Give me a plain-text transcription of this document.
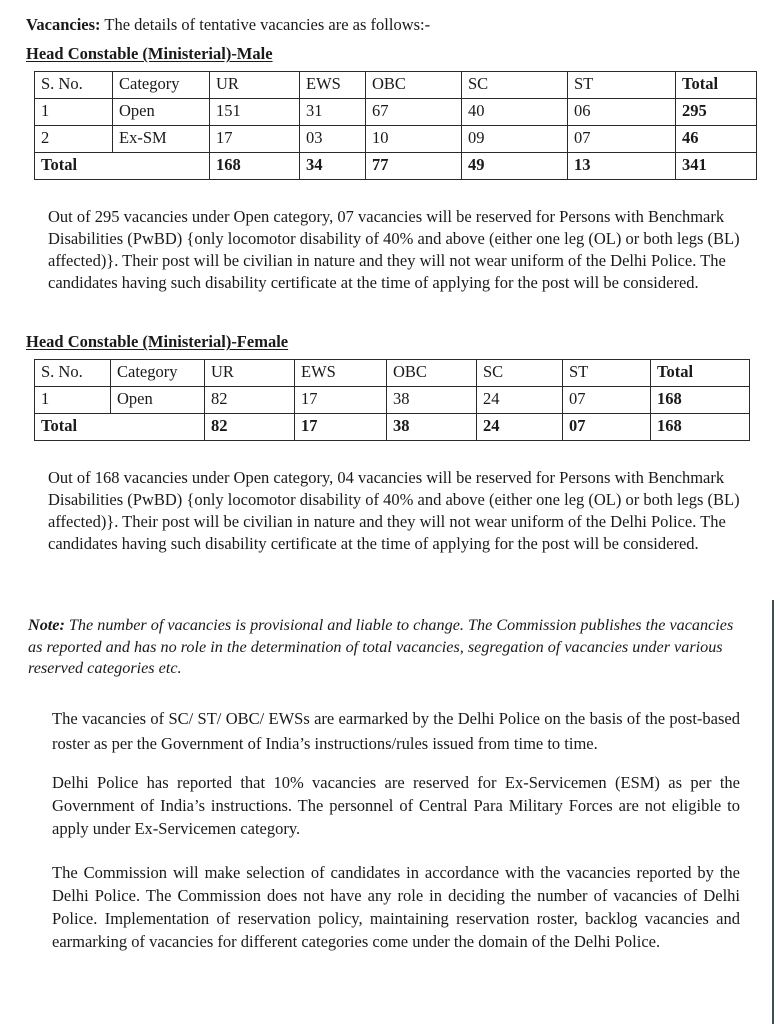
Vacancies: The details of tentative vacancies are as follows:-

Head Constable (Ministerial)-Male
S. No.	Category	UR	EWS	OBC	SC	ST	Total
1	Open	151	31	67	40	06	295
2	Ex-SM	17	03	10	09	07	46
Total		168	34	77	49	13	341

Out of 295 vacancies under Open category, 07 vacancies will be reserved for Persons with Benchmark Disabilities (PwBD) {only locomotor disability of 40% and above (either one leg (OL) or both legs (BL) affected)}. Their post will be civilian in nature and they will not wear uniform of the Delhi Police. The candidates having such disability certificate at the time of applying for the post will be considered.

Head Constable (Ministerial)-Female
S. No.	Category	UR	EWS	OBC	SC	ST	Total
1	Open	82	17	38	24	07	168
Total		82	17	38	24	07	168

Out of 168 vacancies under Open category, 04 vacancies will be reserved for Persons with Benchmark Disabilities (PwBD) {only locomotor disability of 40% and above (either one leg (OL) or both legs (BL) affected)}. Their post will be civilian in nature and they will not wear uniform of the Delhi Police. The candidates having such disability certificate at the time of applying for the post will be considered.

Note: The number of vacancies is provisional and liable to change. The Commission publishes the vacancies as reported and has no role in the determination of total vacancies, segregation of vacancies under various reserved categories etc.

The vacancies of SC/ ST/ OBC/ EWSs are earmarked by the Delhi Police on the basis of the post-based roster as per the Government of India’s instructions/rules issued from time to time.

Delhi Police has reported that 10% vacancies are reserved for Ex-Servicemen (ESM) as per the Government of India’s instructions. The personnel of Central Para Military Forces are not eligible to apply under Ex-Servicemen category.

The Commission will make selection of candidates in accordance with the vacancies reported by the Delhi Police. The Commission does not have any role in deciding the number of vacancies of Delhi Police. Implementation of reservation policy, maintaining reservation roster, backlog vacancies and earmarking of vacancies for different categories come under the domain of the Delhi Police.
